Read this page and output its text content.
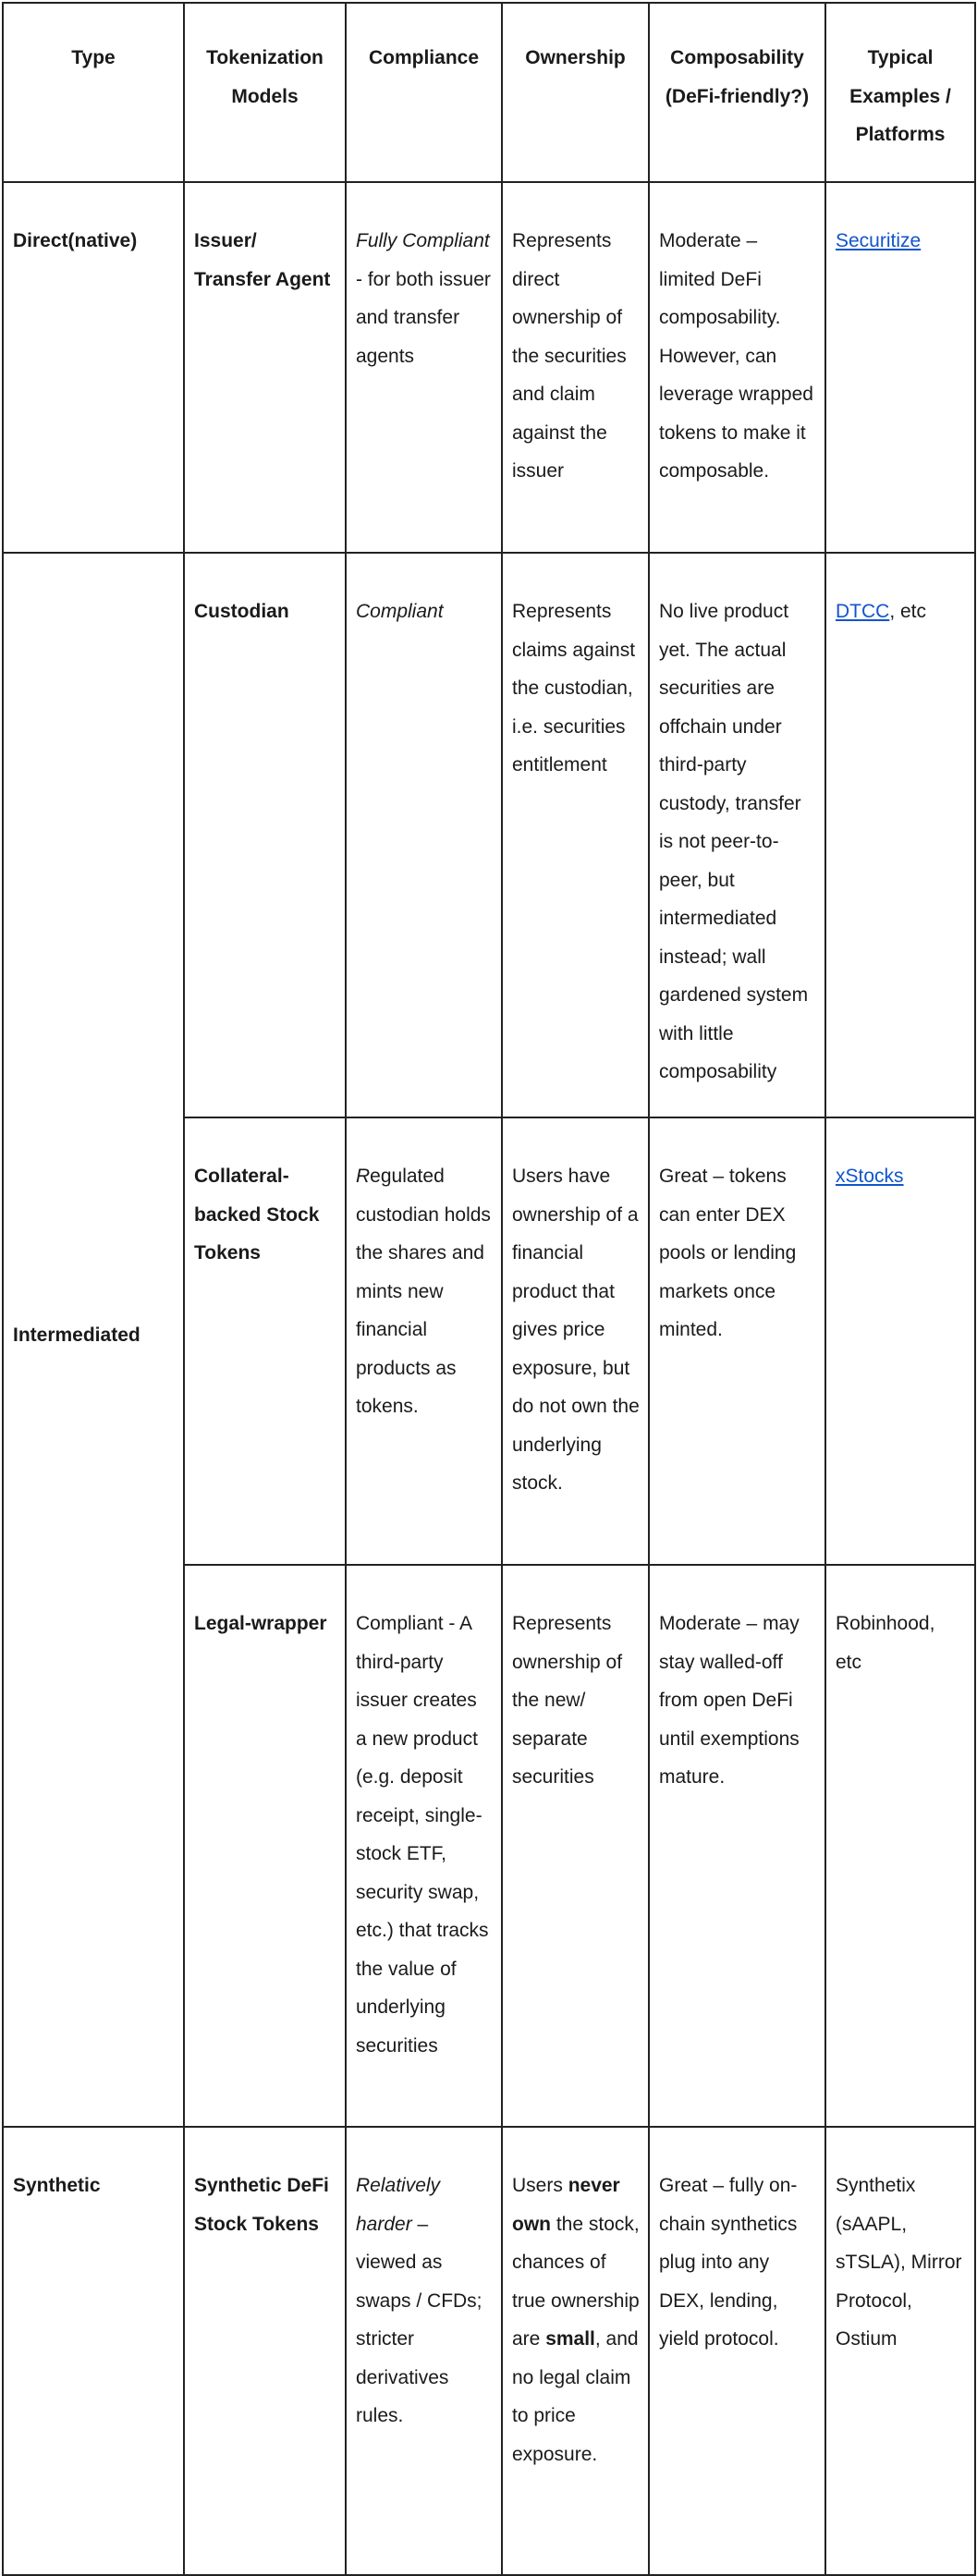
Type	Tokenization Models	Compliance	Ownership	Composability (DeFi-friendly?)	Typical Examples / Platforms
Direct(native)	Issuer/ Transfer Agent	Fully Compliant - for both issuer and transfer agents	Represents direct ownership of the securities and claim against the issuer	Moderate – limited DeFi composability. However, can leverage wrapped tokens to make it composable.	Securitize
Intermediated	Custodian	Compliant	Represents claims against the custodian, i.e. securities entitlement	No live product yet. The actual securities are offchain under third-party custody, transfer is not peer-to-peer, but intermediated instead; wall gardened system with little composability	DTCC, etc
	Collateral-backed Stock Tokens	Regulated custodian holds the shares and mints new financial products as tokens.	Users have ownership of a financial product that gives price exposure, but do not own the underlying stock.	Great – tokens can enter DEX pools or lending markets once minted.	xStocks
	Legal-wrapper	Compliant - A third-party issuer creates a new product (e.g. deposit receipt, single-stock ETF, security swap, etc.) that tracks the value of underlying securities	Represents ownership of the new/ separate securities	Moderate – may stay walled-off from open DeFi until exemptions mature.	Robinhood, etc
Synthetic	Synthetic DeFi Stock Tokens	Relatively harder – viewed as swaps / CFDs; stricter derivatives rules.	Users never own the stock, chances of true ownership are small, and no legal claim to price exposure.	Great – fully on-chain synthetics plug into any DEX, lending, yield protocol.	Synthetix (sAAPL, sTSLA), Mirror Protocol, Ostium
